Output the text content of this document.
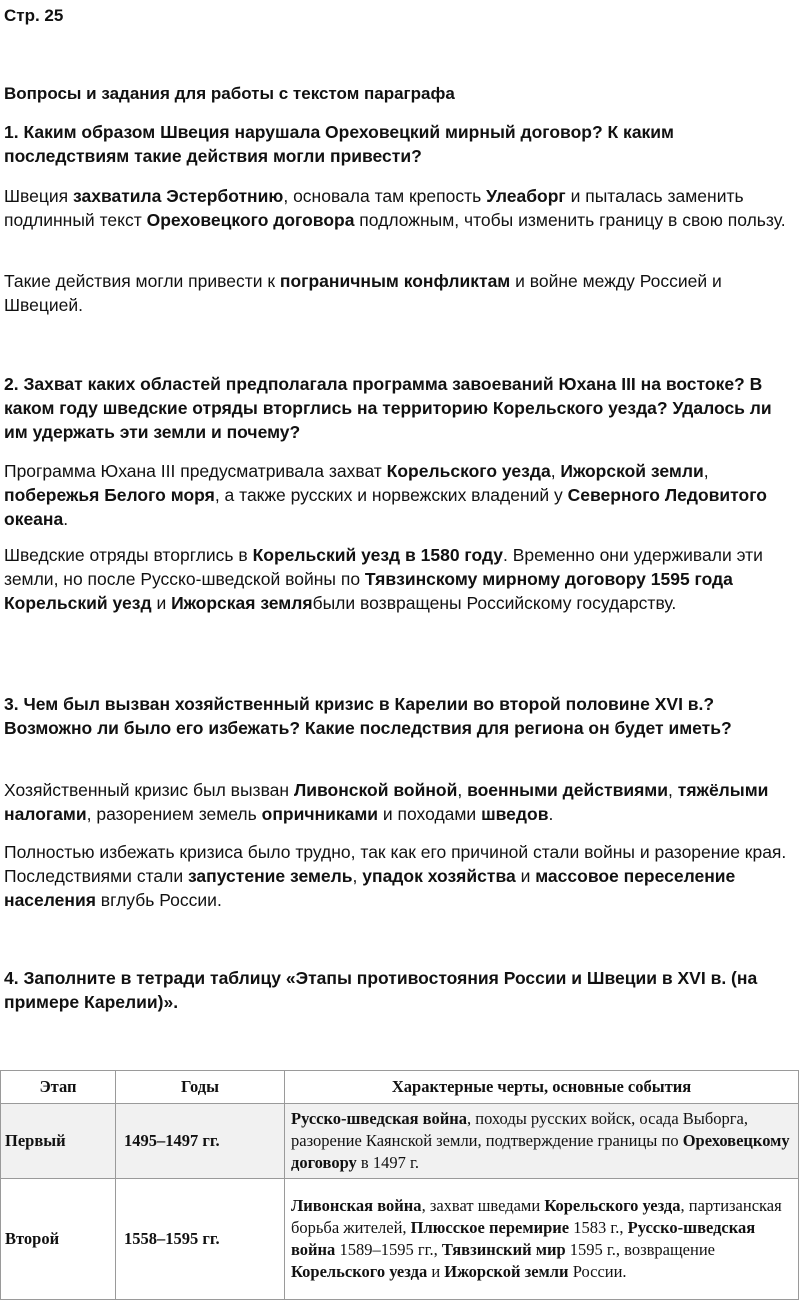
Стр. 25
Вопросы и задания для работы с текстом параграфа
1. Каким образом Швеция нарушала Ореховецкий мирный договор? К каким последствиям такие действия могли привести?
Швеция захватила Эстерботнию, основала там крепость Улеаборг и пыталась заменить подлинный текст Ореховецкого договора подложным, чтобы изменить границу в свою пользу.
Такие действия могли привести к пограничным конфликтам и войне между Россией и Швецией.
2. Захват каких областей предполагала программа завоеваний Юхана III на востоке? В каком году шведские отряды вторглись на территорию Корельского уезда? Удалось ли им удержать эти земли и почему?
Программа Юхана III предусматривала захват Корельского уезда, Ижорской земли, побережья Белого моря, а также русских и норвежских владений у Северного Ледовитого океана.
Шведские отряды вторглись в Корельский уезд в 1580 году. Временно они удерживали эти земли, но после Русско-шведской войны по Тявзинскому мирному договору 1595 года Корельский уезд и Ижорская землябыли возвращены Российскому государству.
3. Чем был вызван хозяйственный кризис в Карелии во второй половине XVI в.? Возможно ли было его избежать? Какие последствия для региона он будет иметь?
Хозяйственный кризис был вызван Ливонской войной, военными действиями, тяжёлыми налогами, разорением земель опричниками и походами шведов.
Полностью избежать кризиса было трудно, так как его причиной стали войны и разорение края. Последствиями стали запустение земель, упадок хозяйства и массовое переселение населения вглубь России.
4. Заполните в тетради таблицу «Этапы противостояния России и Швеции в XVI в. (на примере Карелии)».
Этап	Годы	Характерные черты, основные события
Первый	1495–1497 гг.	Русско-шведская война, походы русских войск, осада Выборга, разорение Каянской земли, подтверждение границы по Ореховецкому договору в 1497 г.
Второй	1558–1595 гг.	Ливонская война, захват шведами Корельского уезда, партизанская борьба жителей, Плюсское перемирие 1583 г., Русско-шведская война 1589–1595 гг., Тявзинский мир 1595 г., возвращение Корельского уезда и Ижорской земли России.
